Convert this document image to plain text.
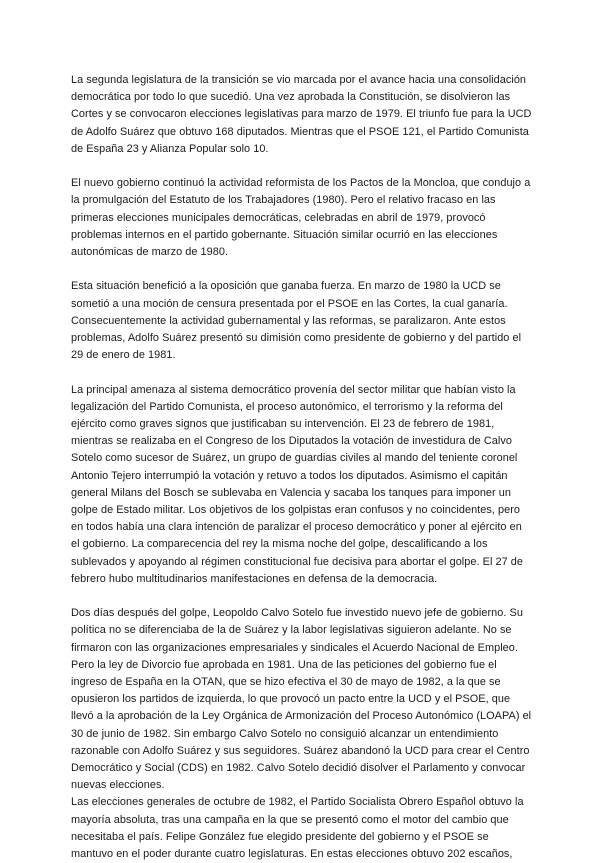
La segunda legislatura de la transición se vio marcada por el avance hacia una consolidación democrática por todo lo que sucedió. Una vez aprobada la Constitución, se disolvieron las Cortes y se convocaron elecciones legislativas para marzo de 1979. El triunfo fue para la UCD de Adolfo Suárez que obtuvo 168 diputados. Mientras que el PSOE 121, el Partido Comunista de España 23 y Alianza Popular solo 10.

El nuevo gobierno continuó la actividad reformista de los Pactos de la Moncloa, que condujo a la promulgación del Estatuto de los Trabajadores (1980). Pero el relativo fracaso en las primeras elecciones municipales democráticas, celebradas en abril de 1979, provocó problemas internos en el partido gobernante. Situación similar ocurrió en las elecciones autonómicas de marzo de 1980.

Esta situación benefició a la oposición que ganaba fuerza. En marzo de 1980 la UCD se sometió a una moción de censura presentada por el PSOE en las Cortes, la cual ganaría. Consecuentemente la actividad gubernamental y las reformas, se paralizaron. Ante estos problemas, Adolfo Suárez presentó su dimisión como presidente de gobierno y del partido el 29 de enero de 1981.

La principal amenaza al sistema democrático provenía del sector militar que habían visto la legalización del Partido Comunista, el proceso autonómico, el terrorismo y la reforma del ejército como graves signos que justificaban su intervención. El 23 de febrero de 1981, mientras se realizaba en el Congreso de los Diputados la votación de investidura de Calvo Sotelo como sucesor de Suárez, un grupo de guardias civiles al mando del teniente coronel Antonio Tejero interrumpió la votación y retuvo a todos los diputados. Asimismo el capitán general Milans del Bosch se sublevaba en Valencia y sacaba los tanques para imponer un golpe de Estado militar. Los objetivos de los golpistas eran confusos y no coincidentes, pero en todos había una clara intención de paralizar el proceso democrático y poner al ejército en el gobierno. La comparecencia del rey la misma noche del golpe, descalificando a los sublevados y apoyando al régimen constitucional fue decisiva para abortar el golpe. El 27 de febrero hubo multitudinarios manifestaciones en defensa de la democracia.

Dos días después del golpe, Leopoldo Calvo Sotelo fue investido nuevo jefe de gobierno. Su política no se diferenciaba de la de Suárez y la labor legislativas siguieron adelante. No se firmaron con las organizaciones empresariales y sindicales el Acuerdo Nacional de Empleo. Pero la ley de Divorcio fue aprobada en 1981. Una de las peticiones del gobierno fue el ingreso de España en la OTAN, que se hizo efectiva el 30 de mayo de 1982, a la que se opusieron los partidos de izquierda, lo que provocó un pacto entre la UCD y el PSOE, que llevó a la aprobación de la Ley Orgánica de Armonización del Proceso Autonómico (LOAPA) el 30 de junio de 1982. Sin embargo Calvo Sotelo no consiguió alcanzar un entendimiento razonable con Adolfo Suárez y sus seguidores. Suárez abandonó la UCD para crear el Centro Democrático y Social (CDS) en 1982. Calvo Sotelo decidió disolver el Parlamento y convocar nuevas elecciones.

Las elecciones generales de octubre de 1982, el Partido Socialista Obrero Español obtuvo la mayoría absoluta, tras una campaña en la que se presentó como el motor del cambio que necesitaba el país. Felipe González fue elegido presidente del gobierno y el PSOE se mantuvo en el poder durante cuatro legislaturas. En estas elecciones obtuvo 202 escaños,
